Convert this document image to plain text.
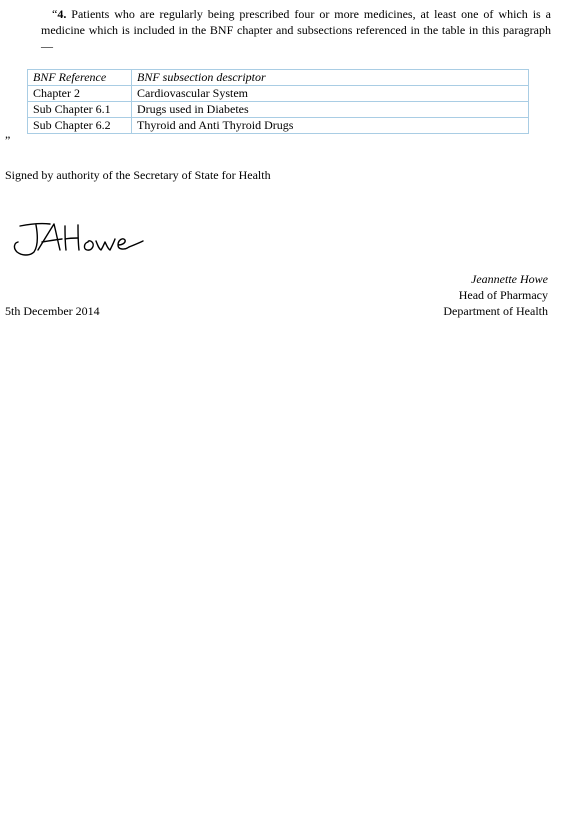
“4. Patients who are regularly being prescribed four or more medicines, at least one of which is a medicine which is included in the BNF chapter and subsections referenced in the table in this paragraph—

BNF Reference	BNF subsection descriptor
Chapter 2	Cardiovascular System
Sub Chapter 6.1	Drugs used in Diabetes
Sub Chapter 6.2	Thyroid and Anti Thyroid Drugs
”
Signed by authority of the Secretary of State for Health
Jeannette Howe
Head of Pharmacy
Department of Health
5th December 2014
